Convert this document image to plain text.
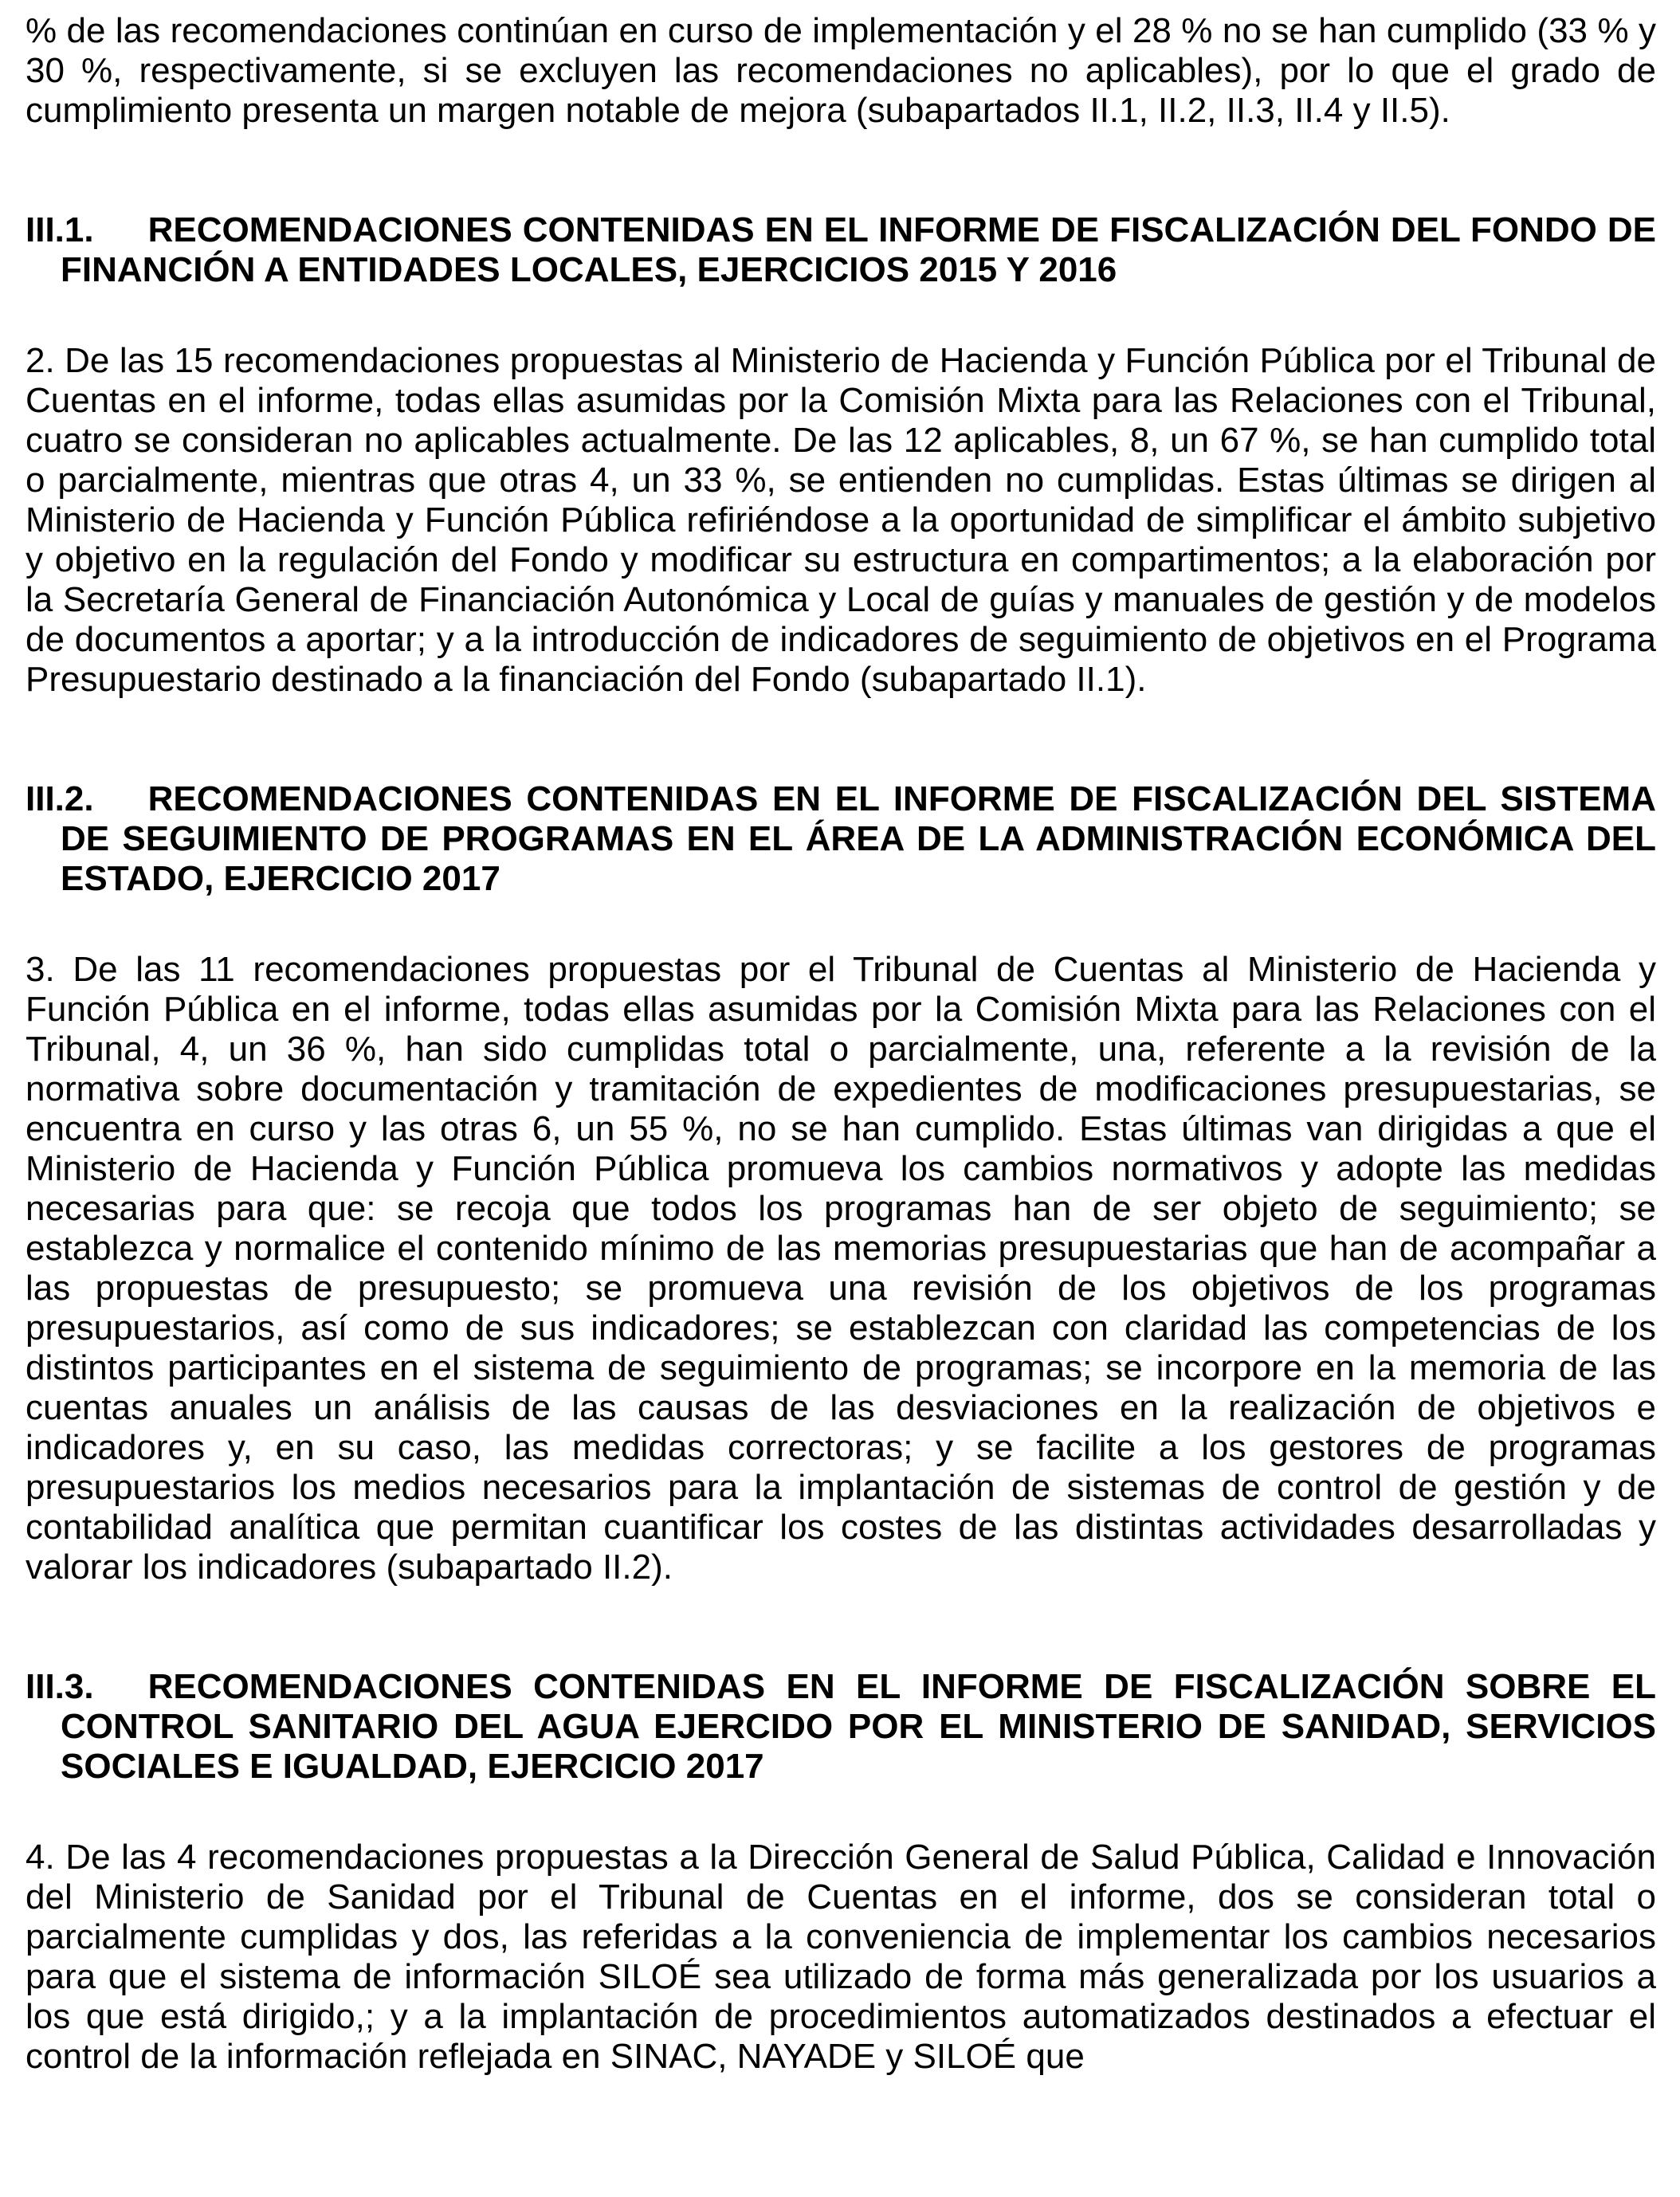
% de las recomendaciones continúan en curso de implementación y el 28 % no se han cumplido (33 % y 30 %, respectivamente, si se excluyen las recomendaciones no aplicables), por lo que el grado de cumplimiento presenta un margen notable de mejora (subapartados II.1, II.2, II.3, II.4 y II.5).

III.1. RECOMENDACIONES CONTENIDAS EN EL INFORME DE FISCALIZACIÓN DEL FONDO DE FINANCIÓN A ENTIDADES LOCALES, EJERCICIOS 2015 Y 2016

2. De las 15 recomendaciones propuestas al Ministerio de Hacienda y Función Pública por el Tribunal de Cuentas en el informe, todas ellas asumidas por la Comisión Mixta para las Relaciones con el Tribunal, cuatro se consideran no aplicables actualmente. De las 12 aplicables, 8, un 67 %, se han cumplido total o parcialmente, mientras que otras 4, un 33 %, se entienden no cumplidas. Estas últimas se dirigen al Ministerio de Hacienda y Función Pública refiriéndose a la oportunidad de simplificar el ámbito subjetivo y objetivo en la regulación del Fondo y modificar su estructura en compartimentos; a la elaboración por la Secretaría General de Financiación Autonómica y Local de guías y manuales de gestión y de modelos de documentos a aportar; y a la introducción de indicadores de seguimiento de objetivos en el Programa Presupuestario destinado a la financiación del Fondo (subapartado II.1).

III.2. RECOMENDACIONES CONTENIDAS EN EL INFORME DE FISCALIZACIÓN DEL SISTEMA DE SEGUIMIENTO DE PROGRAMAS EN EL ÁREA DE LA ADMINISTRACIÓN ECONÓMICA DEL ESTADO, EJERCICIO 2017

3. De las 11 recomendaciones propuestas por el Tribunal de Cuentas al Ministerio de Hacienda y Función Pública en el informe, todas ellas asumidas por la Comisión Mixta para las Relaciones con el Tribunal, 4, un 36 %, han sido cumplidas total o parcialmente, una, referente a la revisión de la normativa sobre documentación y tramitación de expedientes de modificaciones presupuestarias, se encuentra en curso y las otras 6, un 55 %, no se han cumplido. Estas últimas van dirigidas a que el Ministerio de Hacienda y Función Pública promueva los cambios normativos y adopte las medidas necesarias para que: se recoja que todos los programas han de ser objeto de seguimiento; se establezca y normalice el contenido mínimo de las memorias presupuestarias que han de acompañar a las propuestas de presupuesto; se promueva una revisión de los objetivos de los programas presupuestarios, así como de sus indicadores; se establezcan con claridad las competencias de los distintos participantes en el sistema de seguimiento de programas; se incorpore en la memoria de las cuentas anuales un análisis de las causas de las desviaciones en la realización de objetivos e indicadores y, en su caso, las medidas correctoras; y se facilite a los gestores de programas presupuestarios los medios necesarios para la implantación de sistemas de control de gestión y de contabilidad analítica que permitan cuantificar los costes de las distintas actividades desarrolladas y valorar los indicadores (subapartado II.2).

III.3. RECOMENDACIONES CONTENIDAS EN EL INFORME DE FISCALIZACIÓN SOBRE EL CONTROL SANITARIO DEL AGUA EJERCIDO POR EL MINISTERIO DE SANIDAD, SERVICIOS SOCIALES E IGUALDAD, EJERCICIO 2017

4. De las 4 recomendaciones propuestas a la Dirección General de Salud Pública, Calidad e Innovación del Ministerio de Sanidad por el Tribunal de Cuentas en el informe, dos se consideran total o parcialmente cumplidas y dos, las referidas a la conveniencia de implementar los cambios necesarios para que el sistema de información SILOÉ sea utilizado de forma más generalizada por los usuarios a los que está dirigido,; y a la implantación de procedimientos automatizados destinados a efectuar el control de la información reflejada en SINAC, NAYADE y SILOÉ que
